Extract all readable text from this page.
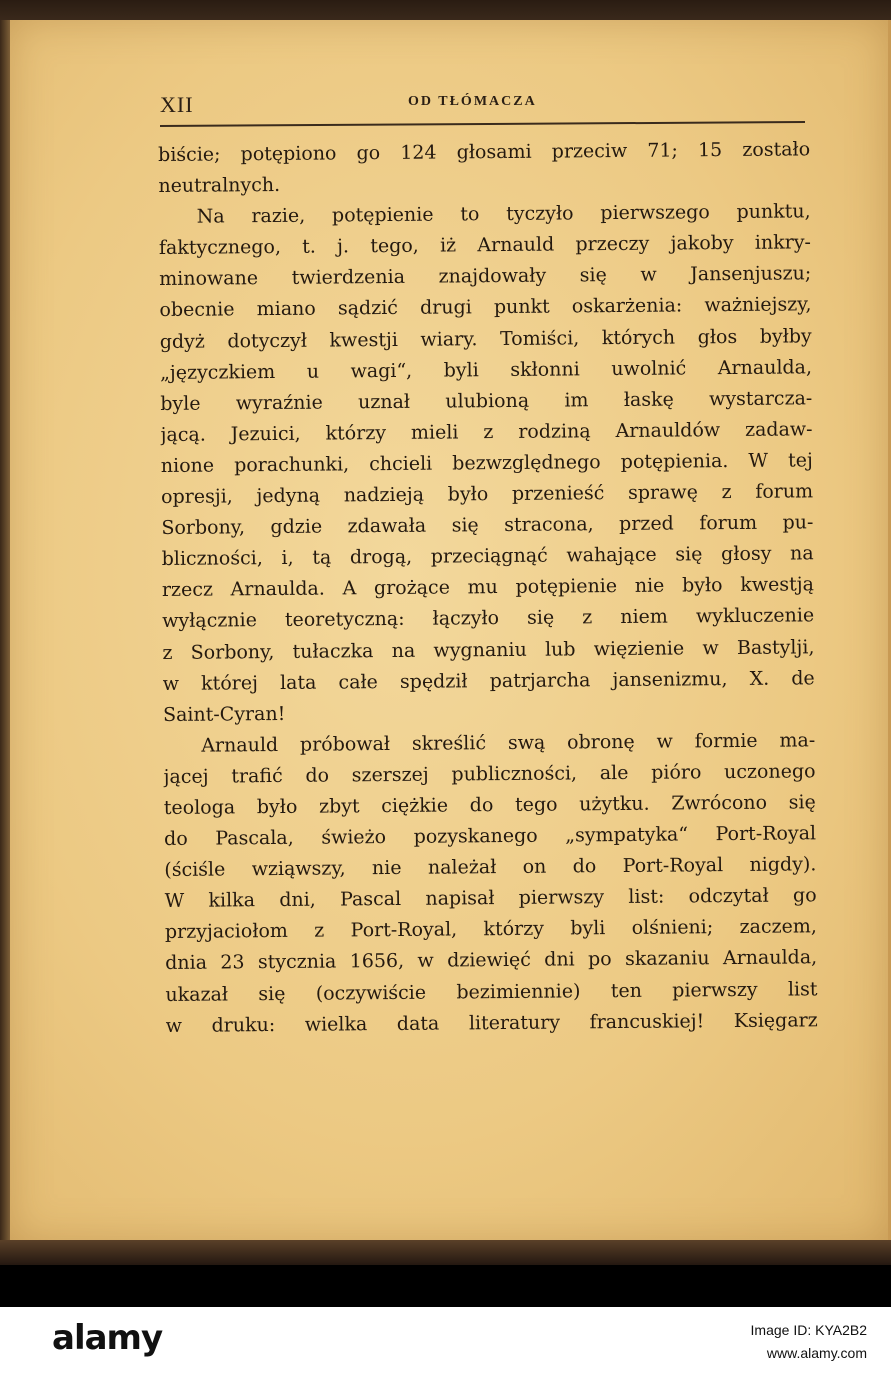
XII	OD TŁÓMACZA
biście; potępiono go 124 głosami przeciw 71; 15 zostało
neutralnych.
Na razie, potępienie to tyczyło pierwszego punktu,
faktycznego, t. j. tego, iż Arnauld przeczy jakoby inkry-
minowane twierdzenia znajdowały się w Jansenjuszu;
obecnie miano sądzić drugi punkt oskarżenia: ważniejszy,
gdyż dotyczył kwestji wiary. Tomiści, których głos byłby
„języczkiem u wagi“, byli skłonni uwolnić Arnaulda,
byle wyraźnie uznał ulubioną im łaskę wystarcza-
jącą. Jezuici, którzy mieli z rodziną Arnauldów zadaw-
nione porachunki, chcieli bezwzględnego potępienia. W tej
opresji, jedyną nadzieją było przenieść sprawę z forum
Sorbony, gdzie zdawała się stracona, przed forum pu-
bliczności, i, tą drogą, przeciągnąć wahające się głosy na
rzecz Arnaulda. A grożące mu potępienie nie było kwestją
wyłącznie teoretyczną: łączyło się z niem wykluczenie
z Sorbony, tułaczka na wygnaniu lub więzienie w Bastylji,
w której lata całe spędził patrjarcha jansenizmu, X. de
Saint-Cyran!
Arnauld próbował skreślić swą obronę w formie ma-
jącej trafić do szerszej publiczności, ale pióro uczonego
teologa było zbyt ciężkie do tego użytku. Zwrócono się
do Pascala, świeżo pozyskanego „sympatyka“ Port-Royal
(ściśle wziąwszy, nie należał on do Port-Royal nigdy).
W kilka dni, Pascal napisał pierwszy list: odczytał go
przyjaciołom z Port-Royal, którzy byli olśnieni; zaczem,
dnia 23 stycznia 1656, w dziewięć dni po skazaniu Arnaulda,
ukazał się (oczywiście bezimiennie) ten pierwszy list
w druku: wielka data literatury francuskiej! Księgarz
alamy	Image ID: KYA2B2
www.alamy.com
